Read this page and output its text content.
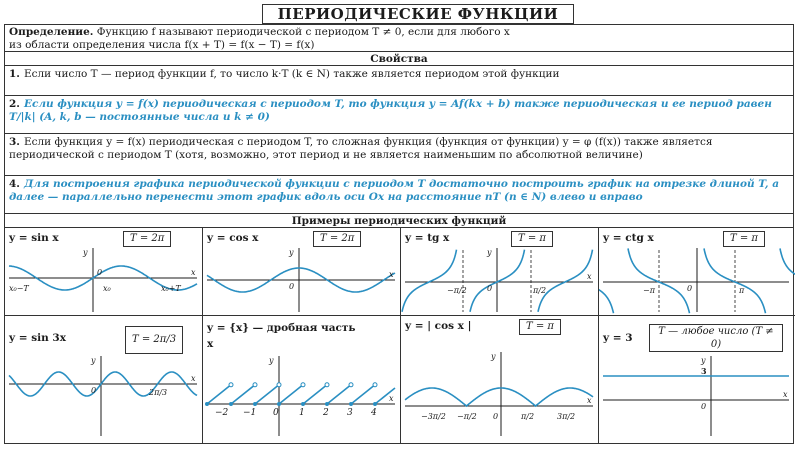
ПЕРИОДИЧЕСКИЕ ФУНКЦИИ
Определение. Функцию f называют периодической с периодом T ≠ 0, если для любого x
из области определения числа f(x + T) = f(x − T) = f(x)
Свойства
1. Если число T — период функции f, то число k·T (k ∈ N) также является периодом этой функции
2. Если функция y = f(x) периодическая с периодом T, то функция y = Af(kx + b) также периодическая и ее период равен T/|k| (A, k, b — постоянные числа и k ≠ 0)
3. Если функция y = f(x) периодическая с периодом T, то сложная функция (функция от функции) y = φ (f(x)) также является периодической с периодом T (хотя, возможно, этот период и не является наименьшим по абсолютной величине)
4. Для построения графика периодической функции с периодом T достаточно построить график на отрезке длиной T, а далее — параллельно перенести этот график вдоль оси Ox на расстояние nT (n ∈ N) влево и вправо
Примеры периодических функций
y = sin x	T = 2π
0
x₀−T	x₀	x₀+T
y
x
y = cos x	T = 2π
0
y
x
y = tg x	T = π
−π/2	π/2
0
y
x
y = ctg x	T = π
−π	0	π
y = sin 3x	T = 2π/3
0	2π/3
y
x
y = {x} — дробная часть x
−2 −1 0 1 2 3 4
y
x
y = | cos x |	T = π
−3π/2 −π/2 0	π/2	3π/2
y
x
y = 3
T — любое число (T ≠ 0)
3
0
y
x
